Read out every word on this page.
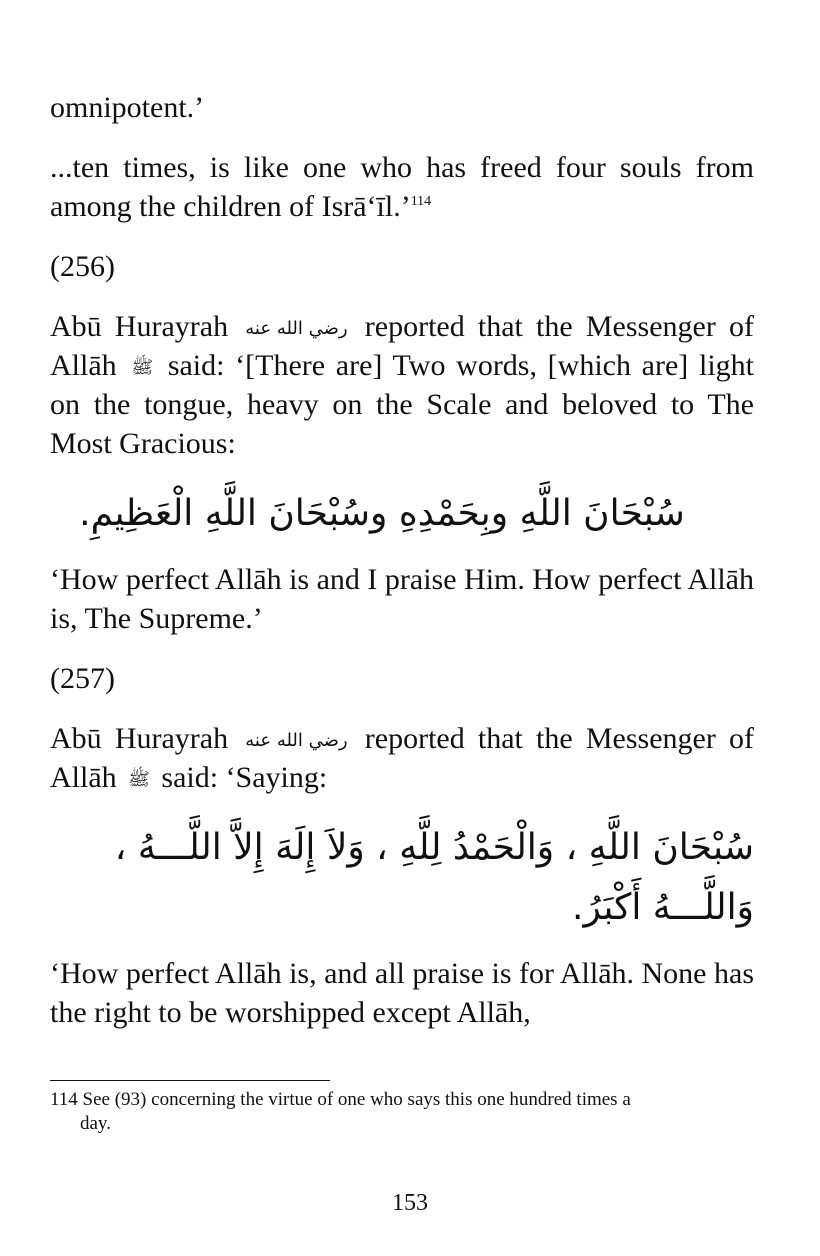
omnipotent.’

...ten times, is like one who has freed four souls from among the children of Isrā‘īl.’$^{114}$

(256)

Abū Hurayrah رضي الله عنه reported that the Messenger of Allāh ﷺ said: ‘[There are] Two words, [which are] light on the tongue, heavy on the Scale and beloved to The Most Gracious:

سُبْحَانَ اللَّهِ وبِحَمْدِهِ وسُبْحَانَ اللَّهِ الْعَظِيمِ.

‘How perfect Allāh is and I praise Him. How perfect Allāh is, The Supreme.’

(257)

Abū Hurayrah رضي الله عنه reported that the Messenger of Allāh ﷺ said: ‘Saying:

سُبْحَانَ اللَّهِ ، وَالْحَمْدُ لِلَّهِ ، وَلاَ إِلَهَ إِلاَّ اللَّـــهُ ، وَاللَّـــهُ أَكْبَرُ.

‘How perfect Allāh is, and all praise is for Allāh. None has the right to be worshipped except Allāh,

114 See (93) concerning the virtue of one who says this one hundred times a
day.
153
